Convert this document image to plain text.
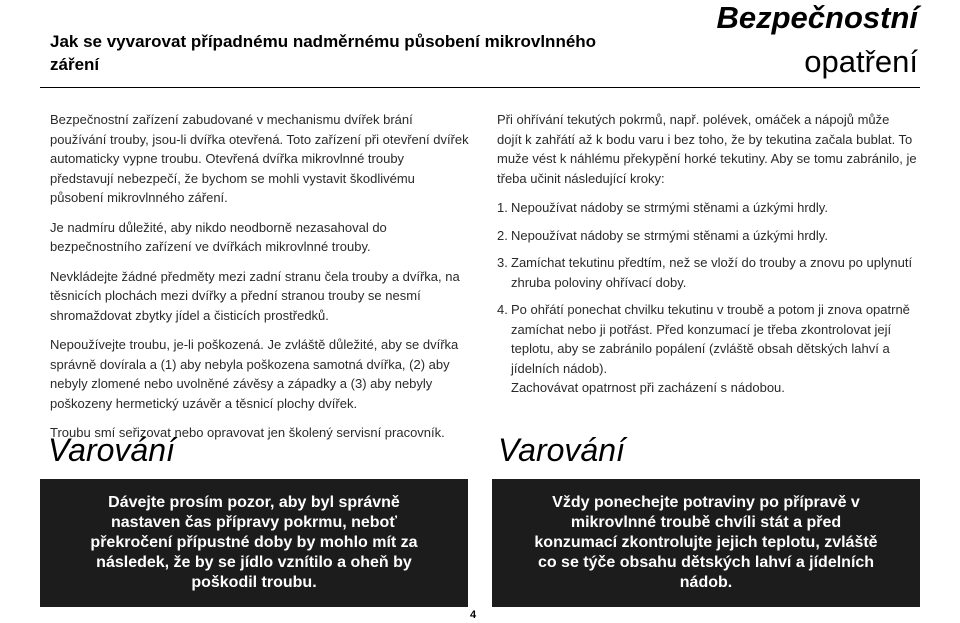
Jak se vyvarovat případnému nadměrnému působení mikrovlnného záření
Bezpečnostní
opatření

Bezpečnostní zařízení zabudované v mechanismu dvířek brání používání trouby, jsou-li dvířka otevřená. Toto zařízení při otevření dvířek automaticky vypne troubu. Otevřená dvířka mikrovlnné trouby představují nebezpečí, že bychom se mohli vystavit škodlivému působení mikrovlnného záření.

Je nadmíru důležité, aby nikdo neodborně nezasahoval do bezpečnostního zařízení ve dvířkách mikrovlnné trouby.

Nevkládejte žádné předměty mezi zadní stranu čela trouby a dvířka, na těsnicích plochách mezi dvířky a přední stranou trouby se nesmí shromaždovat zbytky jídel a čisticích prostředků.

Nepoužívejte troubu, je-li poškozená. Je zvláště důležité, aby se dvířka správně dovírala a (1) aby nebyla poškozena samotná dvířka, (2) aby nebyly zlomené nebo uvolněné závěsy a západky a (3) aby nebyly poškozeny hermetický uzávěr a těsnicí plochy dvířek.

Troubu smí seřizovat nebo opravovat jen školený servisní pracovník.

Při ohřívání tekutých pokrmů, např. polévek, omáček a nápojů může dojít k zahřátí až k bodu varu i bez toho, že by tekutina začala bublat. To muže vést k náhlému překypění horké tekutiny. Aby se tomu zabránilo, je třeba učinit následující kroky:

1. Nepoužívat nádoby se strmými stěnami a úzkými hrdly.
2. Nepoužívat nádoby se strmými stěnami a úzkými hrdly.
3. Zamíchat tekutinu předtím, než se vloží do trouby a znovu po uplynutí zhruba poloviny ohřívací doby.
4. Po ohřátí ponechat chvilku tekutinu v troubě a potom ji znova opatrně zamíchat nebo ji potřást. Před konzumací je třeba zkontrolovat její teplotu, aby se zabránilo popálení (zvláště obsah dětských lahví a jídelních nádob).
Zachovávat opatrnost při zacházení s nádobou.
Varování	Varování
Dávejte prosím pozor, aby byl správně nastaven čas přípravy pokrmu, neboť překročení přípustné doby by mohlo mít za následek, že by se jídlo vznítilo a oheň by poškodil troubu.
Vždy ponechejte potraviny po přípravě v mikrovlnné troubě chvíli stát a před konzumací zkontrolujte jejich teplotu, zvláště co se týče obsahu dětských lahví a jídelních nádob.
4
